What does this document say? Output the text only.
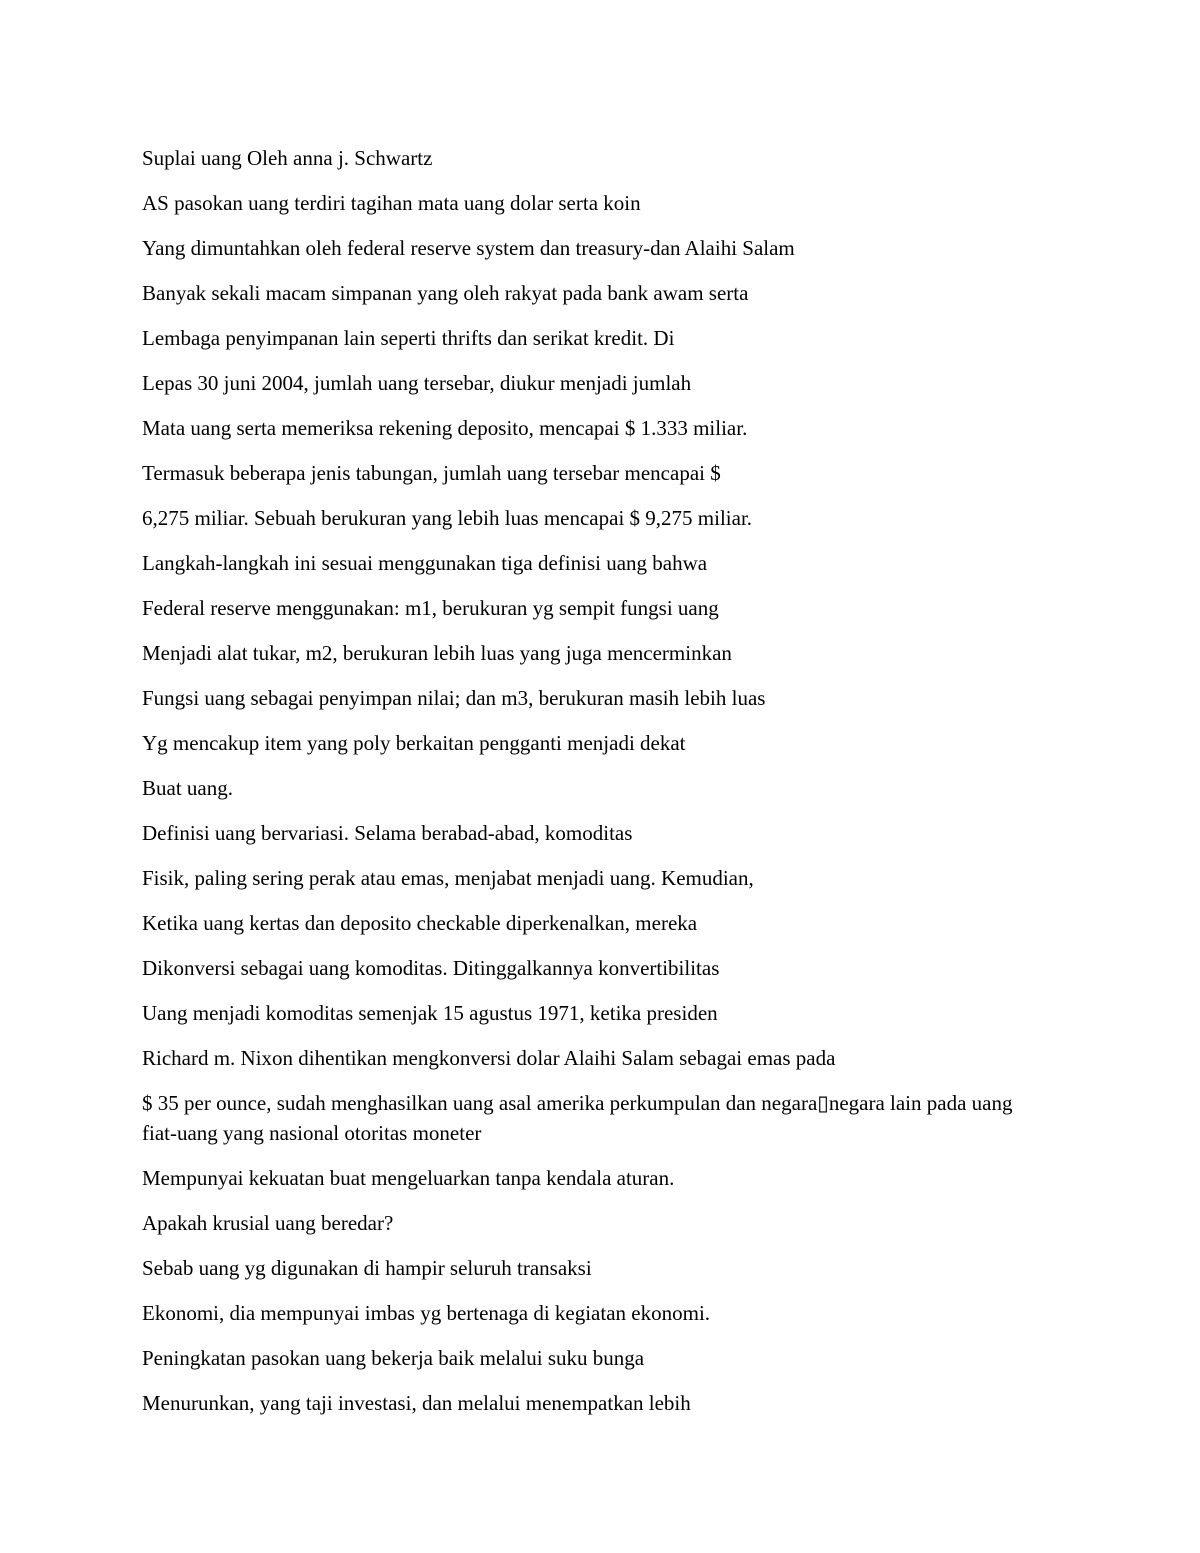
Suplai uang Oleh anna j. Schwartz

AS pasokan uang terdiri tagihan mata uang dolar serta koin

Yang dimuntahkan oleh federal reserve system dan treasury-dan Alaihi Salam

Banyak sekali macam simpanan yang oleh rakyat pada bank awam serta

Lembaga penyimpanan lain seperti thrifts dan serikat kredit. Di

Lepas 30 juni 2004, jumlah uang tersebar, diukur menjadi jumlah

Mata uang serta memeriksa rekening deposito, mencapai $ 1.333 miliar.

Termasuk beberapa jenis tabungan, jumlah uang tersebar mencapai $

6,275 miliar. Sebuah berukuran yang lebih luas mencapai $ 9,275 miliar.

Langkah-langkah ini sesuai menggunakan tiga definisi uang bahwa

Federal reserve menggunakan: m1, berukuran yg sempit fungsi uang

Menjadi alat tukar, m2, berukuran lebih luas yang juga mencerminkan

Fungsi uang sebagai penyimpan nilai; dan m3, berukuran masih lebih luas

Yg mencakup item yang poly berkaitan pengganti menjadi dekat

Buat uang.

Definisi uang bervariasi. Selama berabad-abad, komoditas

Fisik, paling sering perak atau emas, menjabat menjadi uang. Kemudian,

Ketika uang kertas dan deposito checkable diperkenalkan, mereka

Dikonversi sebagai uang komoditas. Ditinggalkannya konvertibilitas

Uang menjadi komoditas semenjak 15 agustus 1971, ketika presiden

Richard m. Nixon dihentikan mengkonversi dolar Alaihi Salam sebagai emas pada

$ 35 per ounce, sudah menghasilkan uang asal amerika perkumpulan dan negara▯negara lain pada uang fiat-uang yang nasional otoritas moneter

Mempunyai kekuatan buat mengeluarkan tanpa kendala aturan.

Apakah krusial uang beredar?

Sebab uang yg digunakan di hampir seluruh transaksi

Ekonomi, dia mempunyai imbas yg bertenaga di kegiatan ekonomi.

Peningkatan pasokan uang bekerja baik melalui suku bunga

Menurunkan, yang taji investasi, dan melalui menempatkan lebih
